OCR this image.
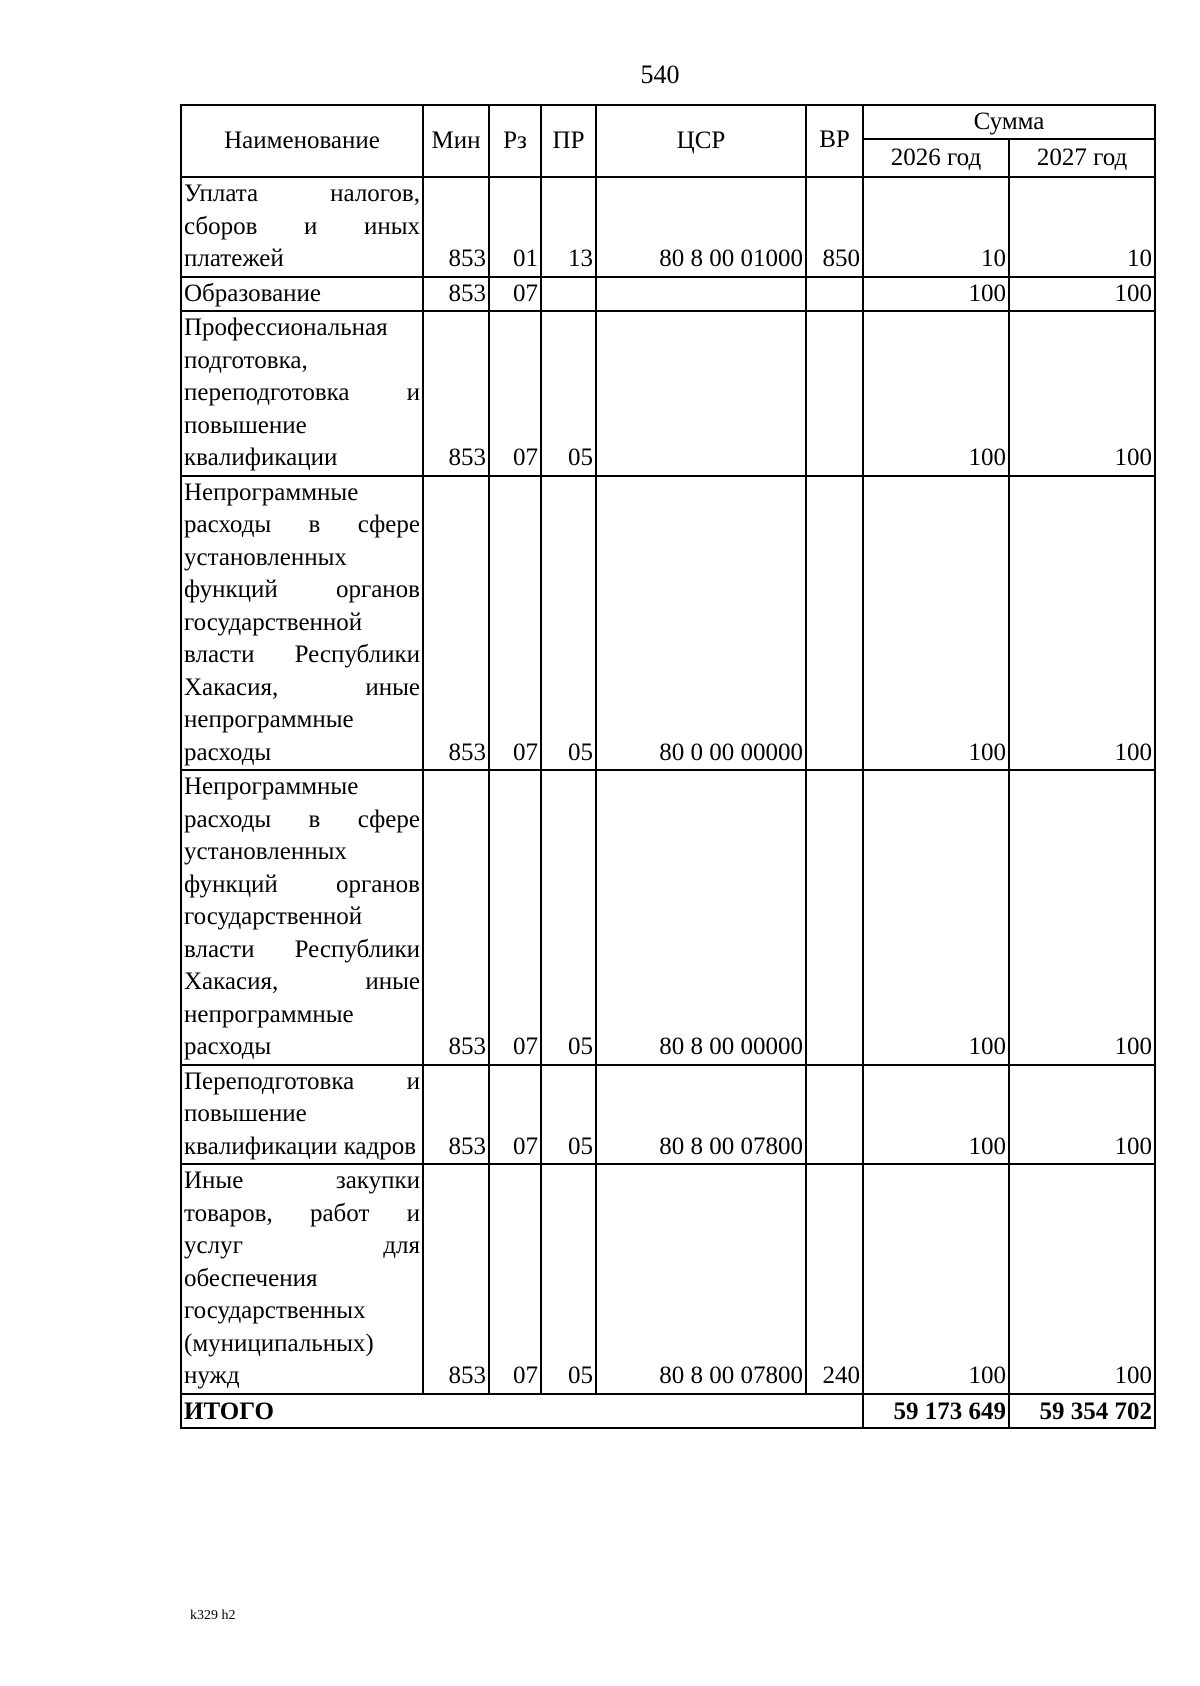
540
Наименование	Мин	Рз	ПР	ЦСР	ВР	Сумма	
						2026 год	2027 год
Уплата налогов, сборов и иных платежей	853	01	13	80 8 00 01000	850	10	10
Образование	853	07				100	100
Профессиональная подготовка, переподготовка и повышение квалификации	853	07	05			100	100
Непрограммные расходы в сфере установленных функций органов государственной власти Республики Хакасия, иные непрограммные расходы	853	07	05	80 0 00 00000		100	100
Непрограммные расходы в сфере установленных функций органов государственной власти Республики Хакасия, иные непрограммные расходы	853	07	05	80 8 00 00000		100	100
Переподготовка и повышение квалификации кадров	853	07	05	80 8 00 07800		100	100
Иные закупки товаров, работ и услуг для обеспечения государственных (муниципальных) нужд	853	07	05	80 8 00 07800	240	100	100
ИТОГО						59 173 649	59 354 702
k329 h2
